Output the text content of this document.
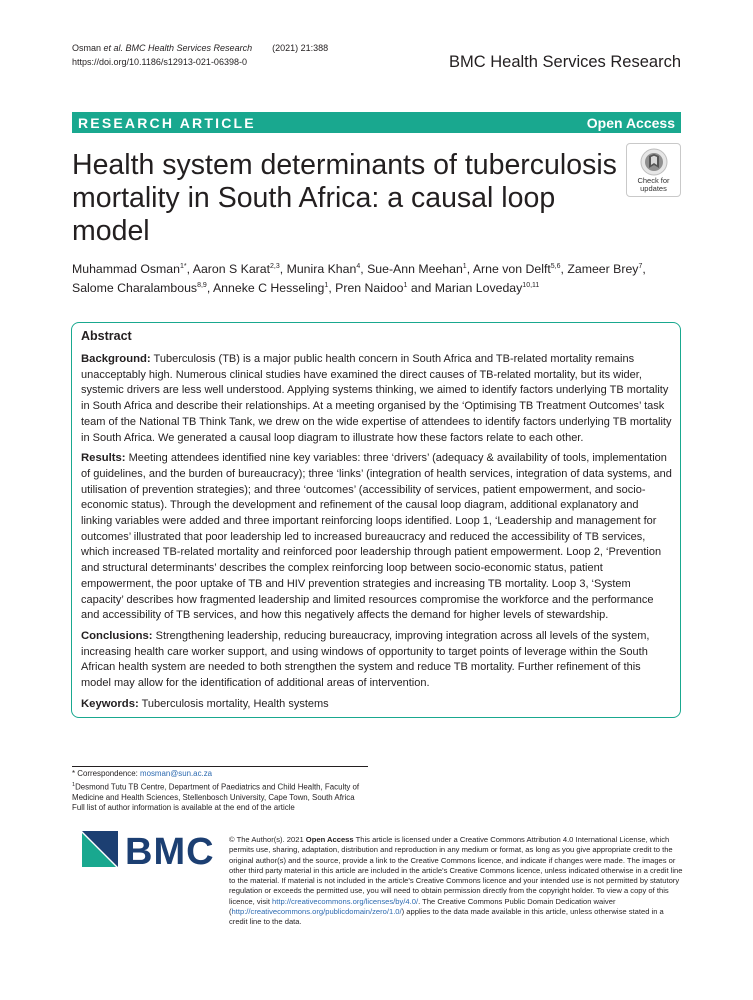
Osman et al. BMC Health Services Research (2021) 21:388
https://doi.org/10.1186/s12913-021-06398-0	BMC Health Services Research
RESEARCH ARTICLE	Open Access
Health system determinants of tuberculosis mortality in South Africa: a causal loop model
Check for
updates
Muhammad Osman$^{1*}$, Aaron S Karat$^{2,3}$, Munira Khan$^4$, Sue-Ann Meehan$^1$, Arne von Delft$^{5,6}$, Zameer Brey$^7$, Salome Charalambous$^{8,9}$, Anneke C Hesseling$^1$, Pren Naidoo$^1$ and Marian Loveday$^{10,11}$
Abstract

Background: Tuberculosis (TB) is a major public health concern in South Africa and TB-related mortality remains unacceptably high. Numerous clinical studies have examined the direct causes of TB-related mortality, but its wider, systemic drivers are less well understood. Applying systems thinking, we aimed to identify factors underlying TB mortality in South Africa and describe their relationships. At a meeting organised by the ‘Optimising TB Treatment Outcomes’ task team of the National TB Think Tank, we drew on the wide expertise of attendees to identify factors underlying TB mortality in South Africa. We generated a causal loop diagram to illustrate how these factors relate to each other.

Results: Meeting attendees identified nine key variables: three ‘drivers’ (adequacy & availability of tools, implementation of guidelines, and the burden of bureaucracy); three ‘links’ (integration of health services, integration of data systems, and utilisation of prevention strategies); and three ‘outcomes’ (accessibility of services, patient empowerment, and socio-economic status). Through the development and refinement of the causal loop diagram, additional explanatory and linking variables were added and three important reinforcing loops identified. Loop 1, ‘Leadership and management for outcomes’ illustrated that poor leadership led to increased bureaucracy and reduced the accessibility of TB services, which increased TB-related mortality and reinforced poor leadership through patient empowerment. Loop 2, ‘Prevention and structural determinants’ describes the complex reinforcing loop between socio-economic status, patient empowerment, the poor uptake of TB and HIV prevention strategies and increasing TB mortality. Loop 3, ‘System capacity’ describes how fragmented leadership and limited resources compromise the workforce and the performance and accessibility of TB services, and how this negatively affects the demand for higher levels of stewardship.

Conclusions: Strengthening leadership, reducing bureaucracy, improving integration across all levels of the system, increasing health care worker support, and using windows of opportunity to target points of leverage within the South African health system are needed to both strengthen the system and reduce TB mortality. Further refinement of this model may allow for the identification of additional areas of intervention.

Keywords: Tuberculosis mortality, Health systems

* Correspondence: mosman@sun.ac.za
$^1$Desmond Tutu TB Centre, Department of Paediatrics and Child Health, Faculty of Medicine and Health Sciences, Stellenbosch University, Cape Town, South Africa
Full list of author information is available at the end of the article
BMC © The Author(s). 2021 Open Access This article is licensed under a Creative Commons Attribution 4.0 International License, which permits use, sharing, adaptation, distribution and reproduction in any medium or format, as long as you give appropriate credit to the original author(s) and the source, provide a link to the Creative Commons licence, and indicate if changes were made. The images or other third party material in this article are included in the article's Creative Commons licence, unless indicated otherwise in a credit line to the material. If material is not included in the article's Creative Commons licence and your intended use is not permitted by statutory regulation or exceeds the permitted use, you will need to obtain permission directly from the copyright holder. To view a copy of this licence, visit http://creativecommons.org/licenses/by/4.0/. The Creative Commons Public Domain Dedication waiver (http://creativecommons.org/publicdomain/zero/1.0/) applies to the data made available in this article, unless otherwise stated in a credit line to the data.
